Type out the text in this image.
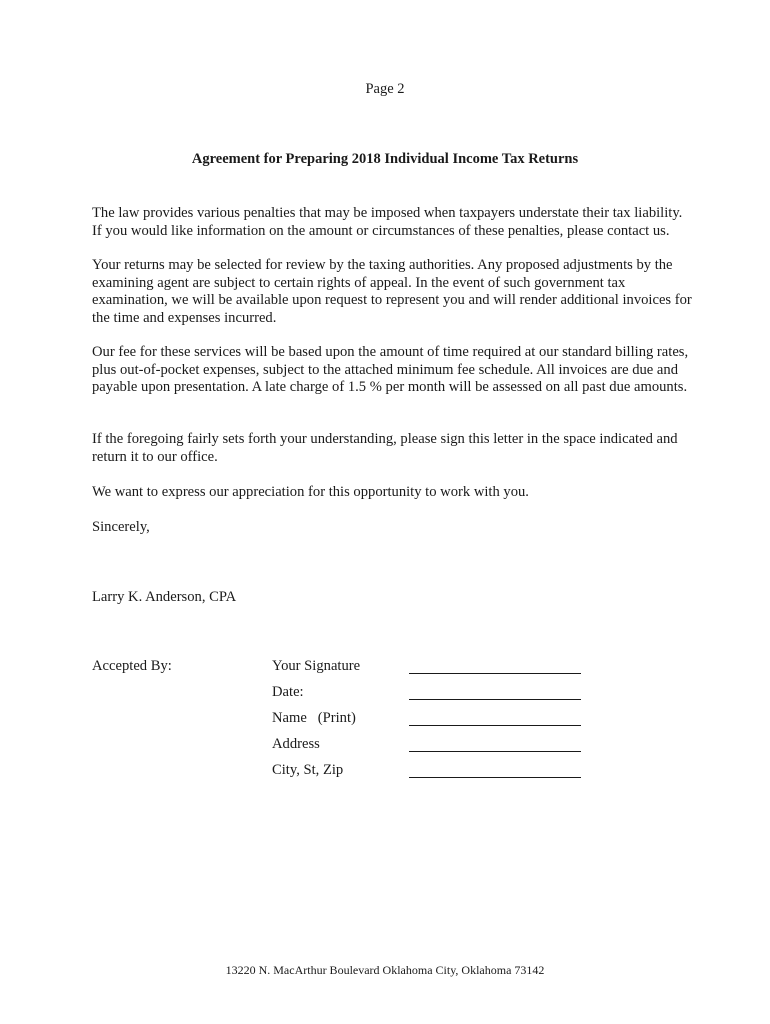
Page 2
Agreement for Preparing 2018 Individual Income Tax Returns
The law provides various penalties that may be imposed when taxpayers understate their tax liability. If you would like information on the amount or circumstances of these penalties, please contact us.
Your returns may be selected for review by the taxing authorities. Any proposed adjustments by the examining agent are subject to certain rights of appeal. In the event of such government tax examination, we will be available upon request to represent you and will render additional invoices for the time and expenses incurred.
Our fee for these services will be based upon the amount of time required at our standard billing rates, plus out-of-pocket expenses, subject to the attached minimum fee schedule. All invoices are due and payable upon presentation. A late charge of 1.5 % per month will be assessed on all past due amounts.
If the foregoing fairly sets forth your understanding, please sign this letter in the space indicated and return it to our office.
We want to express our appreciation for this opportunity to work with you.
Sincerely,
Larry K. Anderson, CPA
Accepted By:	Your Signature
Date:
Name   (Print)
Address
City, St, Zip
13220 N. MacArthur Boulevard Oklahoma City, Oklahoma 73142
